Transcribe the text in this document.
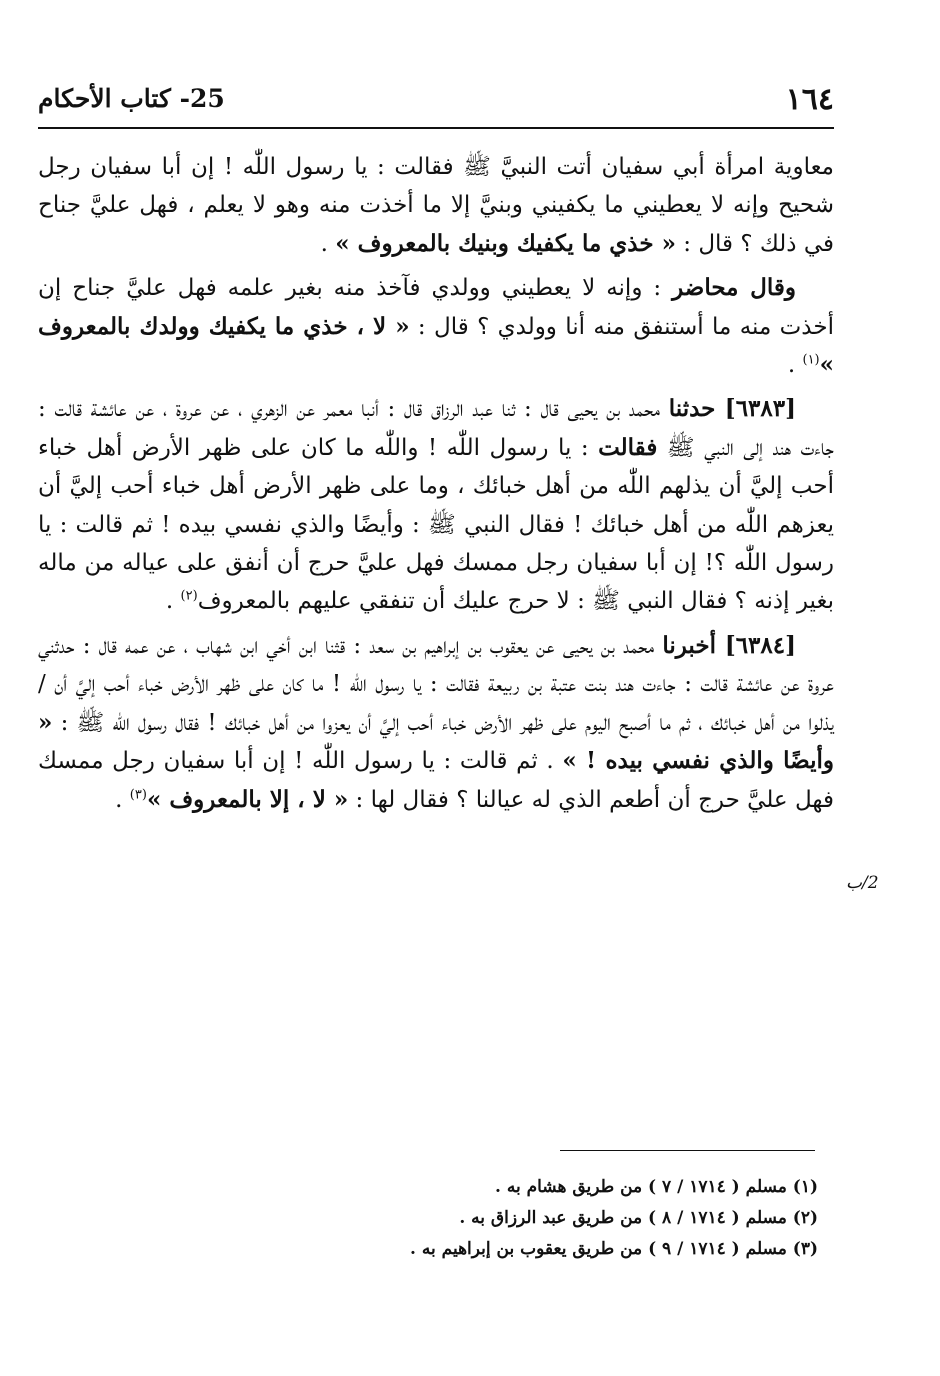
١٦٤
25- كتاب الأحكام

معاوية امرأة أبي سفيان أتت النبيَّ ﷺ فقالت : يا رسول اللّٰه ! إن أبا سفيان رجل شحيح وإنه لا يعطيني ما يكفيني وبنيَّ إلا ما أخذت منه وهو لا يعلم ، فهل عليَّ جناح في ذلك ؟ قال : « خذي ما يكفيك وبنيك بالمعروف » .

وقال محاضر : وإنه لا يعطيني وولدي فآخذ منه بغير علمه فهل عليَّ جناح إن أخذت منه ما أستنفق منه أنا وولدي ؟ قال : « لا ، خذي ما يكفيك وولدك بالمعروف »$^{(١)}$ .

[٦٣٨٣] حدثنا محمد بن يحيى قال : ثنا عبد الرزاق قال : أنبا معمر عن الزهري ، عن عروة ، عن عائشة قالت : جاءت هند إلى النبي ﷺ فقالت : يا رسول اللّٰه ! واللّٰه ما كان على ظهر الأرض أهل خباء أحب إليَّ أن يذلهم اللّٰه من أهل خبائك ، وما على ظهر الأرض أهل خباء أحب إليَّ أن يعزهم اللّٰه من أهل خبائك ! فقال النبي ﷺ : وأيضًا والذي نفسي بيده ! ثم قالت : يا رسول اللّٰه ؟! إن أبا سفيان رجل ممسك فهل عليَّ حرج أن أنفق على عياله من ماله بغير إذنه ؟ فقال النبي ﷺ : لا حرج عليك أن تنفقي عليهم بالمعروف$^{(٢)}$ .

[٦٣٨٤] أخبرنا محمد بن يحيى عن يعقوب بن إبراهيم بن سعد : قثنا ابن أخي ابن شهاب ، عن عمه قال : حدثني عروة عن عائشة قالت : جاءت هند بنت عتبة بن ربيعة فقالت : يا رسول اللّٰه ! ما كان على ظهر الأرض خباء أحب إليَّ أن / يذلوا من أهل خبائك ، ثم ما أصبح اليوم على ظهر الأرض خباء أحب إليَّ أن يعزوا من أهل خبائك ! فقال رسول اللّٰه ﷺ : « وأيضًا والذي نفسي بيده ! » . ثم قالت : يا رسول اللّٰه ! إن أبا سفيان رجل ممسك فهل عليَّ حرج أن أطعم الذي له عيالنا ؟ فقال لها : « لا ، إلا بالمعروف »$^{(٣)}$ .

2/ب
(١) مسلم ( ١٧١٤ / ٧ ) من طريق هشام به .
(٢) مسلم ( ١٧١٤ / ٨ ) من طريق عبد الرزاق به .
(٣) مسلم ( ١٧١٤ / ٩ ) من طريق يعقوب بن إبراهيم به .
